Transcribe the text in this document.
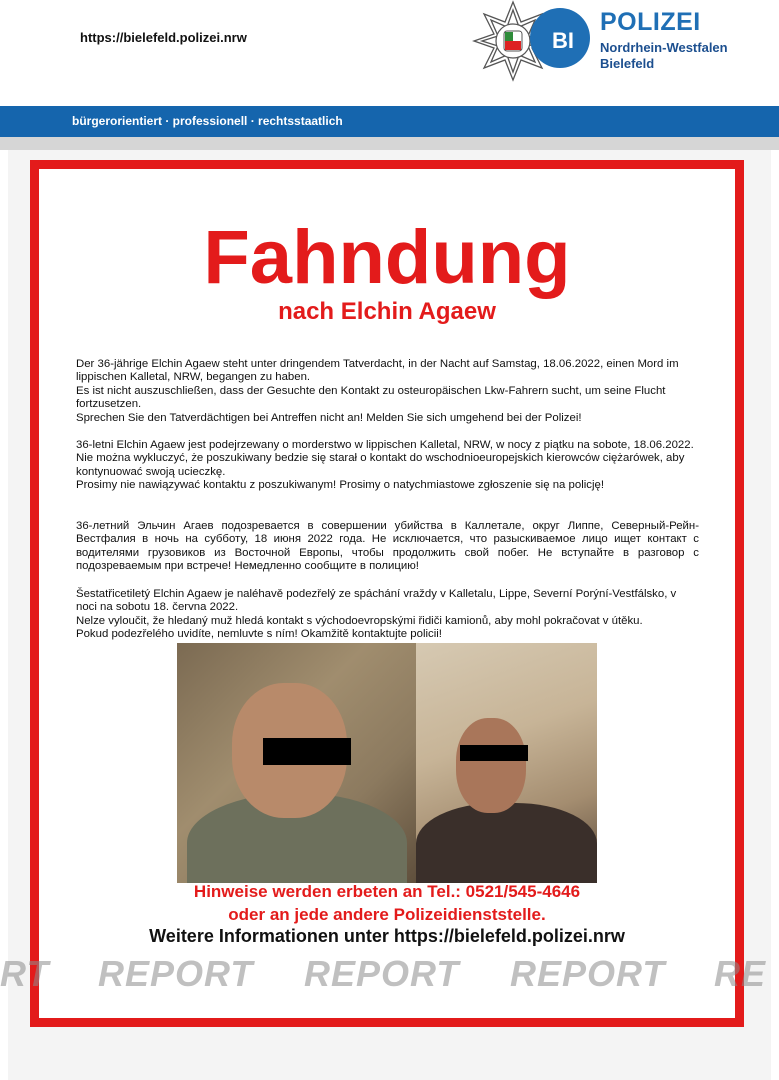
https://bielefeld.polizei.nrw	BI
POLIZEI
Nordrhein-Westfalen
Bielefeld
bürgerorientiert · professionell · rechtsstaatlich
Fahndung
nach Elchin Agaew

Der 36-jährige Elchin Agaew steht unter dringendem Tatverdacht, in der Nacht auf Samstag, 18.06.2022, einen Mord im lippischen Kalletal, NRW, begangen zu haben.

Es ist nicht auszuschließen, dass der Gesuchte den Kontakt zu osteuropäischen Lkw-Fahrern sucht, um seine Flucht fortzusetzen.

Sprechen Sie den Tatverdächtigen bei Antreffen nicht an! Melden Sie sich umgehend bei der Polizei!

36-letni Elchin Agaew jest podejrzewany o morderstwo w lippischen Kalletal, NRW, w nocy z piątku na sobote, 18.06.2022.

Nie można wykluczyć, że poszukiwany bedzie się starał o kontakt do wschodnioeuropejskich kierowców ciężarówek, aby kontynuować swoją ucieczkę.

Prosimy nie nawiązywać kontaktu z poszukiwanym! Prosimy o natychmiastowe zgłoszenie się na policję!

36-летний Эльчин Агаев подозревается в совершении убийства в Каллетале, округ Липпе, Северный-Рейн-Вестфалия в ночь на субботу, 18 июня 2022 года. Не исключается, что разыскиваемое лицо ищет контакт с водителями грузовиков из Восточной Европы, чтобы продолжить свой побег. Не вступайте в разговор с подозреваемым при встрече! Немедленно сообщите в полицию!

Šestatřicetiletý Elchin Agaew je naléhavě podezřelý ze spáchání vraždy v Kalletalu, Lippe, Severní Porýní-Vestfálsko, v noci na sobotu 18. června 2022.

Nelze vyloučit, že hledaný muž hledá kontakt s východoevropskými řidiči kamionů, aby mohl pokračovat v útěku.

Pokud podezřelého uvidíte, nemluvte s ním! Okamžitě kontaktujte policii!

Hinweise werden erbeten an Tel.: 0521/545-4646
oder an jede andere Polizeidienststelle.
Weitere Informationen unter https://bielefeld.polizei.nrw
RT REPORT REPORT REPORT RE
